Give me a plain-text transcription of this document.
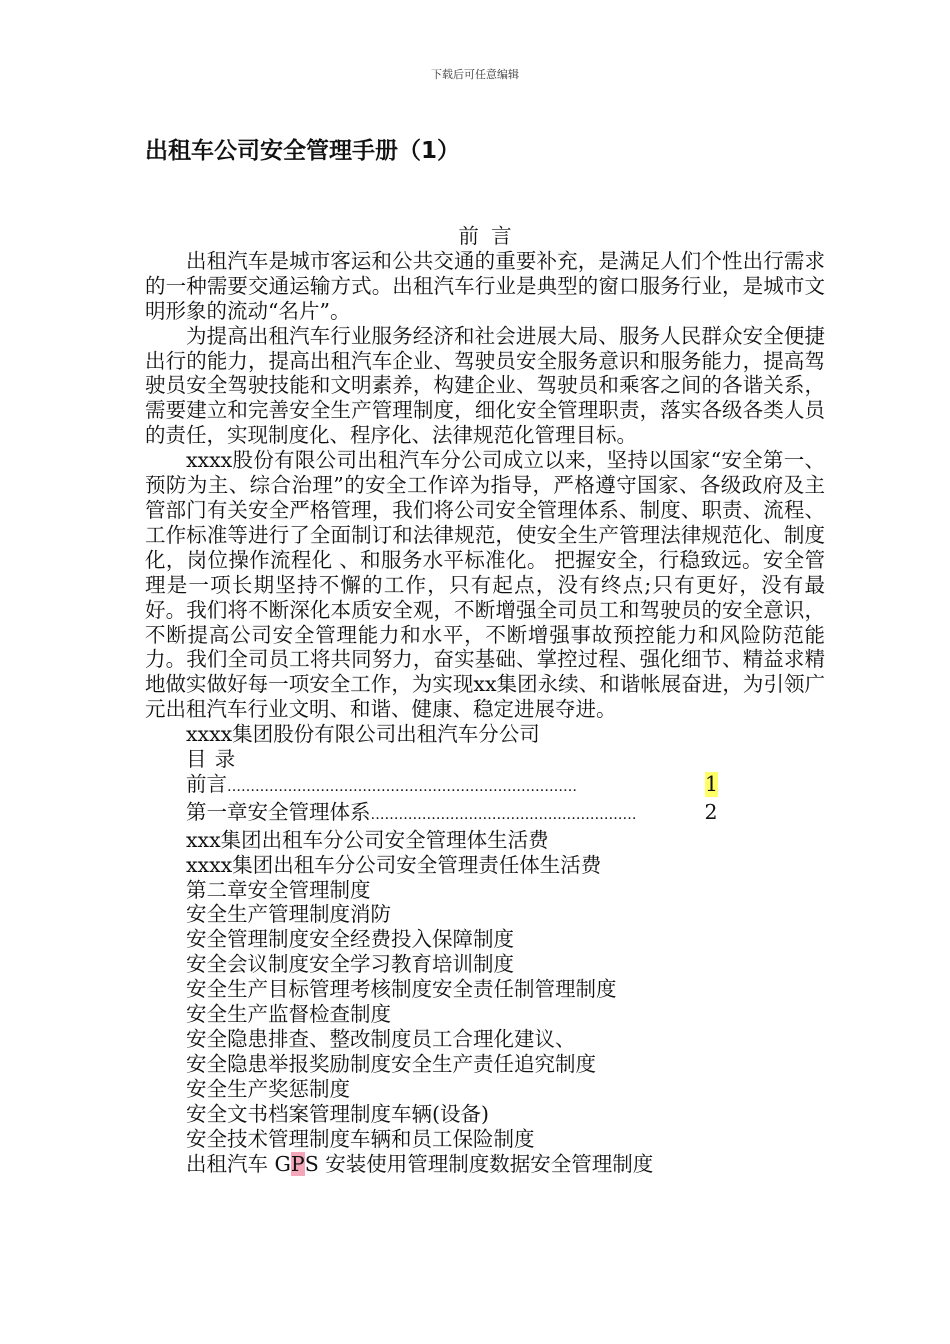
下载后可任意编辑
出租车公司安全管理手册（1）

前言

出租汽车是城市客运和公共交通的重要补充，是满足人们个性出行需求的一种需要交通运输方式。出租汽车行业是典型的窗口服务行业，是城市文明形象的流动“名片”。

为提高出租汽车行业服务经济和社会进展大局、服务人民群众安全便捷出行的能力，提高出租汽车企业、驾驶员安全服务意识和服务能力，提高驾驶员安全驾驶技能和文明素养，构建企业、驾驶员和乘客之间的各谐关系，需要建立和完善安全生产管理制度，细化安全管理职责，落实各级各类人员的责任，实现制度化、程序化、法律规范化管理目标。

xxxx股份有限公司出租汽车分公司成立以来，坚持以国家“安全第一、预防为主、综合治理”的安全工作谇为指导，严格遵守国家、各级政府及主管部门有关安全严格管理，我们将公司安全管理体系、制度、职责、流程、工作标准等进行了全面制订和法律规范，使安全生产管理法律规范化、制度化，岗位操作流程化 、和服务水平标准化。 把握安全，行稳致远。安全管理是一项长期坚持不懈的工作，只有起点，没有终点;只有更好，没有最好。我们将不断深化本质安全观，不断增强全司员工和驾驶员的安全意识，不断提高公司安全管理能力和水平，不断增强事故预控能力和风险防范能力。我们全司员工将共同努力，奋实基础、掌控过程、强化细节、精益求精地做实做好每一项安全工作，为实现xx集团永续、和谐帐展奋进，为引领广元出租汽车行业文明、和谐、健康、稳定进展夺进。

xxxx集团股份有限公司出租汽车分公司

目录

前言 …………………………………………………………………	1
第一章安全管理体系 …………………………………………………	2

xxx集团出租车分公司安全管理体生活费

xxxx集团出租车分公司安全管理责任体生活费

第二章安全管理制度

安全生产管理制度消防

安全管理制度安全经费投入保障制度

安全会议制度安全学习教育培训制度

安全生产目标管理考核制度安全责任制管理制度

安全生产监督检查制度

安全隐患排查、整改制度员工合理化建议、

安全隐患举报奖励制度安全生产责任追究制度

安全生产奖惩制度

安全文书档案管理制度车辆(设备)

安全技术管理制度车辆和员工保险制度

出租汽车 GPS 安装使用管理制度数据安全管理制度
